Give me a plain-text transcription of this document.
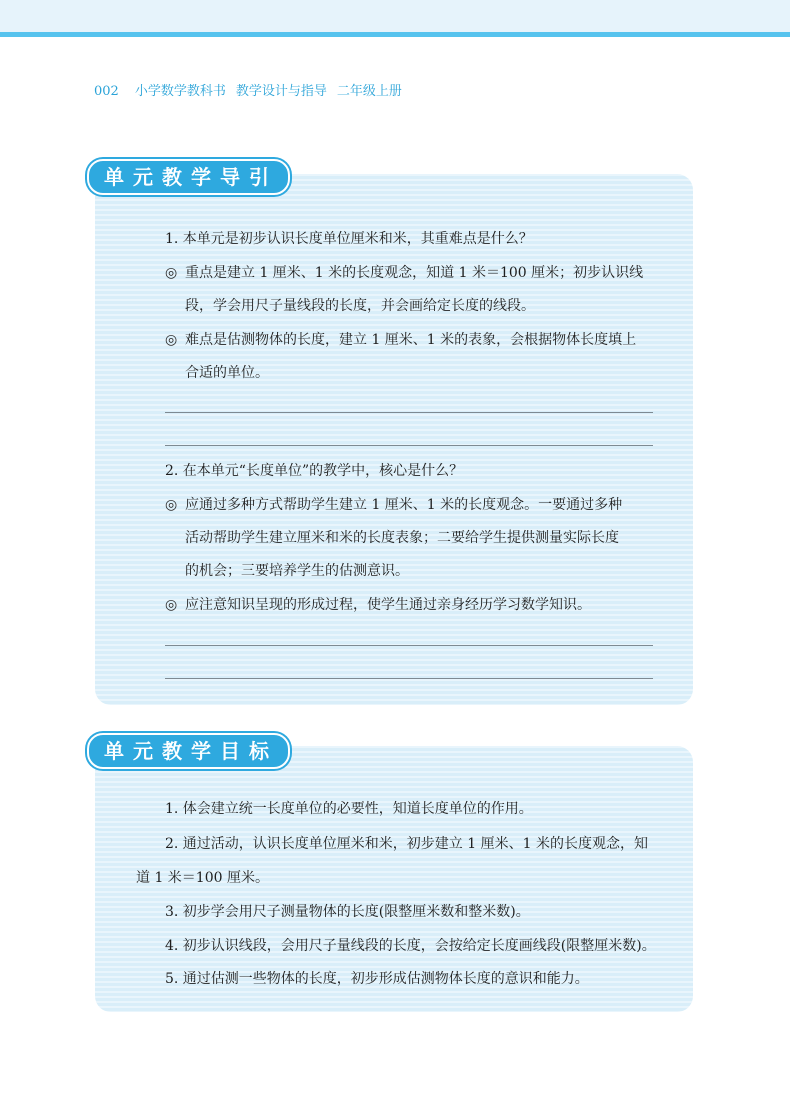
002 小学数学教科书 教学设计与指导 二年级上册
单元教学导引
1. 本单元是初步认识长度单位厘米和米，其重难点是什么？
◎ 重点是建立 1 厘米、1 米的长度观念，知道 1 米＝100 厘米；初步认识线
段，学会用尺子量线段的长度，并会画给定长度的线段。
◎ 难点是估测物体的长度，建立 1 厘米、1 米的表象，会根据物体长度填上
合适的单位。
2. 在本单元“长度单位”的教学中，核心是什么？
◎ 应通过多种方式帮助学生建立 1 厘米、1 米的长度观念。一要通过多种
活动帮助学生建立厘米和米的长度表象；二要给学生提供测量实际长度
的机会；三要培养学生的估测意识。
◎ 应注意知识呈现的形成过程，使学生通过亲身经历学习数学知识。
单元教学目标
1. 体会建立统一长度单位的必要性，知道长度单位的作用。
2. 通过活动，认识长度单位厘米和米，初步建立 1 厘米、1 米的长度观念，知
道 1 米＝100 厘米。
3. 初步学会用尺子测量物体的长度(限整厘米数和整米数)。
4. 初步认识线段，会用尺子量线段的长度，会按给定长度画线段(限整厘米数)。
5. 通过估测一些物体的长度，初步形成估测物体长度的意识和能力。
